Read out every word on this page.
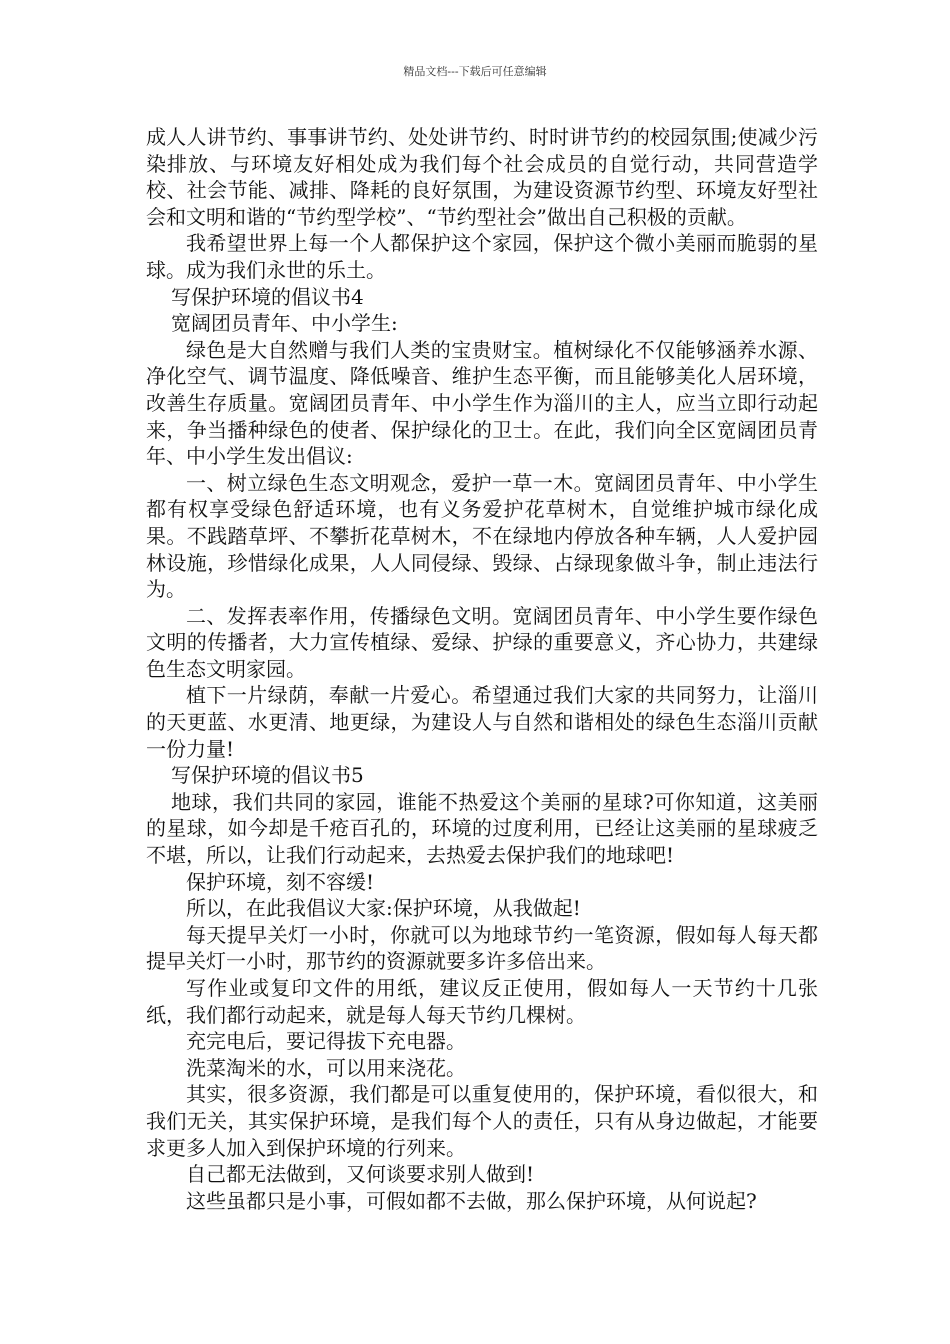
精品文档---下载后可任意编辑

成人人讲节约、事事讲节约、处处讲节约、时时讲节约的校园氛围;使减少污染排放、与环境友好相处成为我们每个社会成员的自觉行动，共同营造学校、社会节能、减排、降耗的良好氛围，为建设资源节约型、环境友好型社会和文明和谐的“节约型学校”、“节约型社会”做出自己积极的贡献。

我希望世界上每一个人都保护这个家园，保护这个微小美丽而脆弱的星球。成为我们永世的乐土。

写保护环境的倡议书4

宽阔团员青年、中小学生:

绿色是大自然赠与我们人类的宝贵财宝。植树绿化不仅能够涵养水源、净化空气、调节温度、降低噪音、维护生态平衡，而且能够美化人居环境，改善生存质量。宽阔团员青年、中小学生作为淄川的主人，应当立即行动起来，争当播种绿色的使者、保护绿化的卫士。在此，我们向全区宽阔团员青年、中小学生发出倡议:

一、树立绿色生态文明观念，爱护一草一木。宽阔团员青年、中小学生都有权享受绿色舒适环境，也有义务爱护花草树木，自觉维护城市绿化成果。不践踏草坪、不攀折花草树木，不在绿地内停放各种车辆，人人爱护园林设施，珍惜绿化成果，人人同侵绿、毁绿、占绿现象做斗争，制止违法行为。

二、发挥表率作用，传播绿色文明。宽阔团员青年、中小学生要作绿色文明的传播者，大力宣传植绿、爱绿、护绿的重要意义，齐心协力，共建绿色生态文明家园。

植下一片绿荫，奉献一片爱心。希望通过我们大家的共同努力，让淄川的天更蓝、水更清、地更绿，为建设人与自然和谐相处的绿色生态淄川贡献一份力量!

写保护环境的倡议书5

地球，我们共同的家园，谁能不热爱这个美丽的星球?可你知道，这美丽的星球，如今却是千疮百孔的，环境的过度利用，已经让这美丽的星球疲乏不堪，所以，让我们行动起来，去热爱去保护我们的地球吧!

保护环境，刻不容缓!

所以，在此我倡议大家:保护环境，从我做起!

每天提早关灯一小时，你就可以为地球节约一笔资源，假如每人每天都提早关灯一小时，那节约的资源就要多许多倍出来。

写作业或复印文件的用纸，建议反正使用，假如每人一天节约十几张纸，我们都行动起来，就是每人每天节约几棵树。

充完电后，要记得拔下充电器。

洗菜淘米的水，可以用来浇花。

其实，很多资源，我们都是可以重复使用的，保护环境，看似很大，和我们无关，其实保护环境，是我们每个人的责任，只有从身边做起，才能要求更多人加入到保护环境的行列来。

自己都无法做到，又何谈要求别人做到!

这些虽都只是小事，可假如都不去做，那么保护环境，从何说起?
